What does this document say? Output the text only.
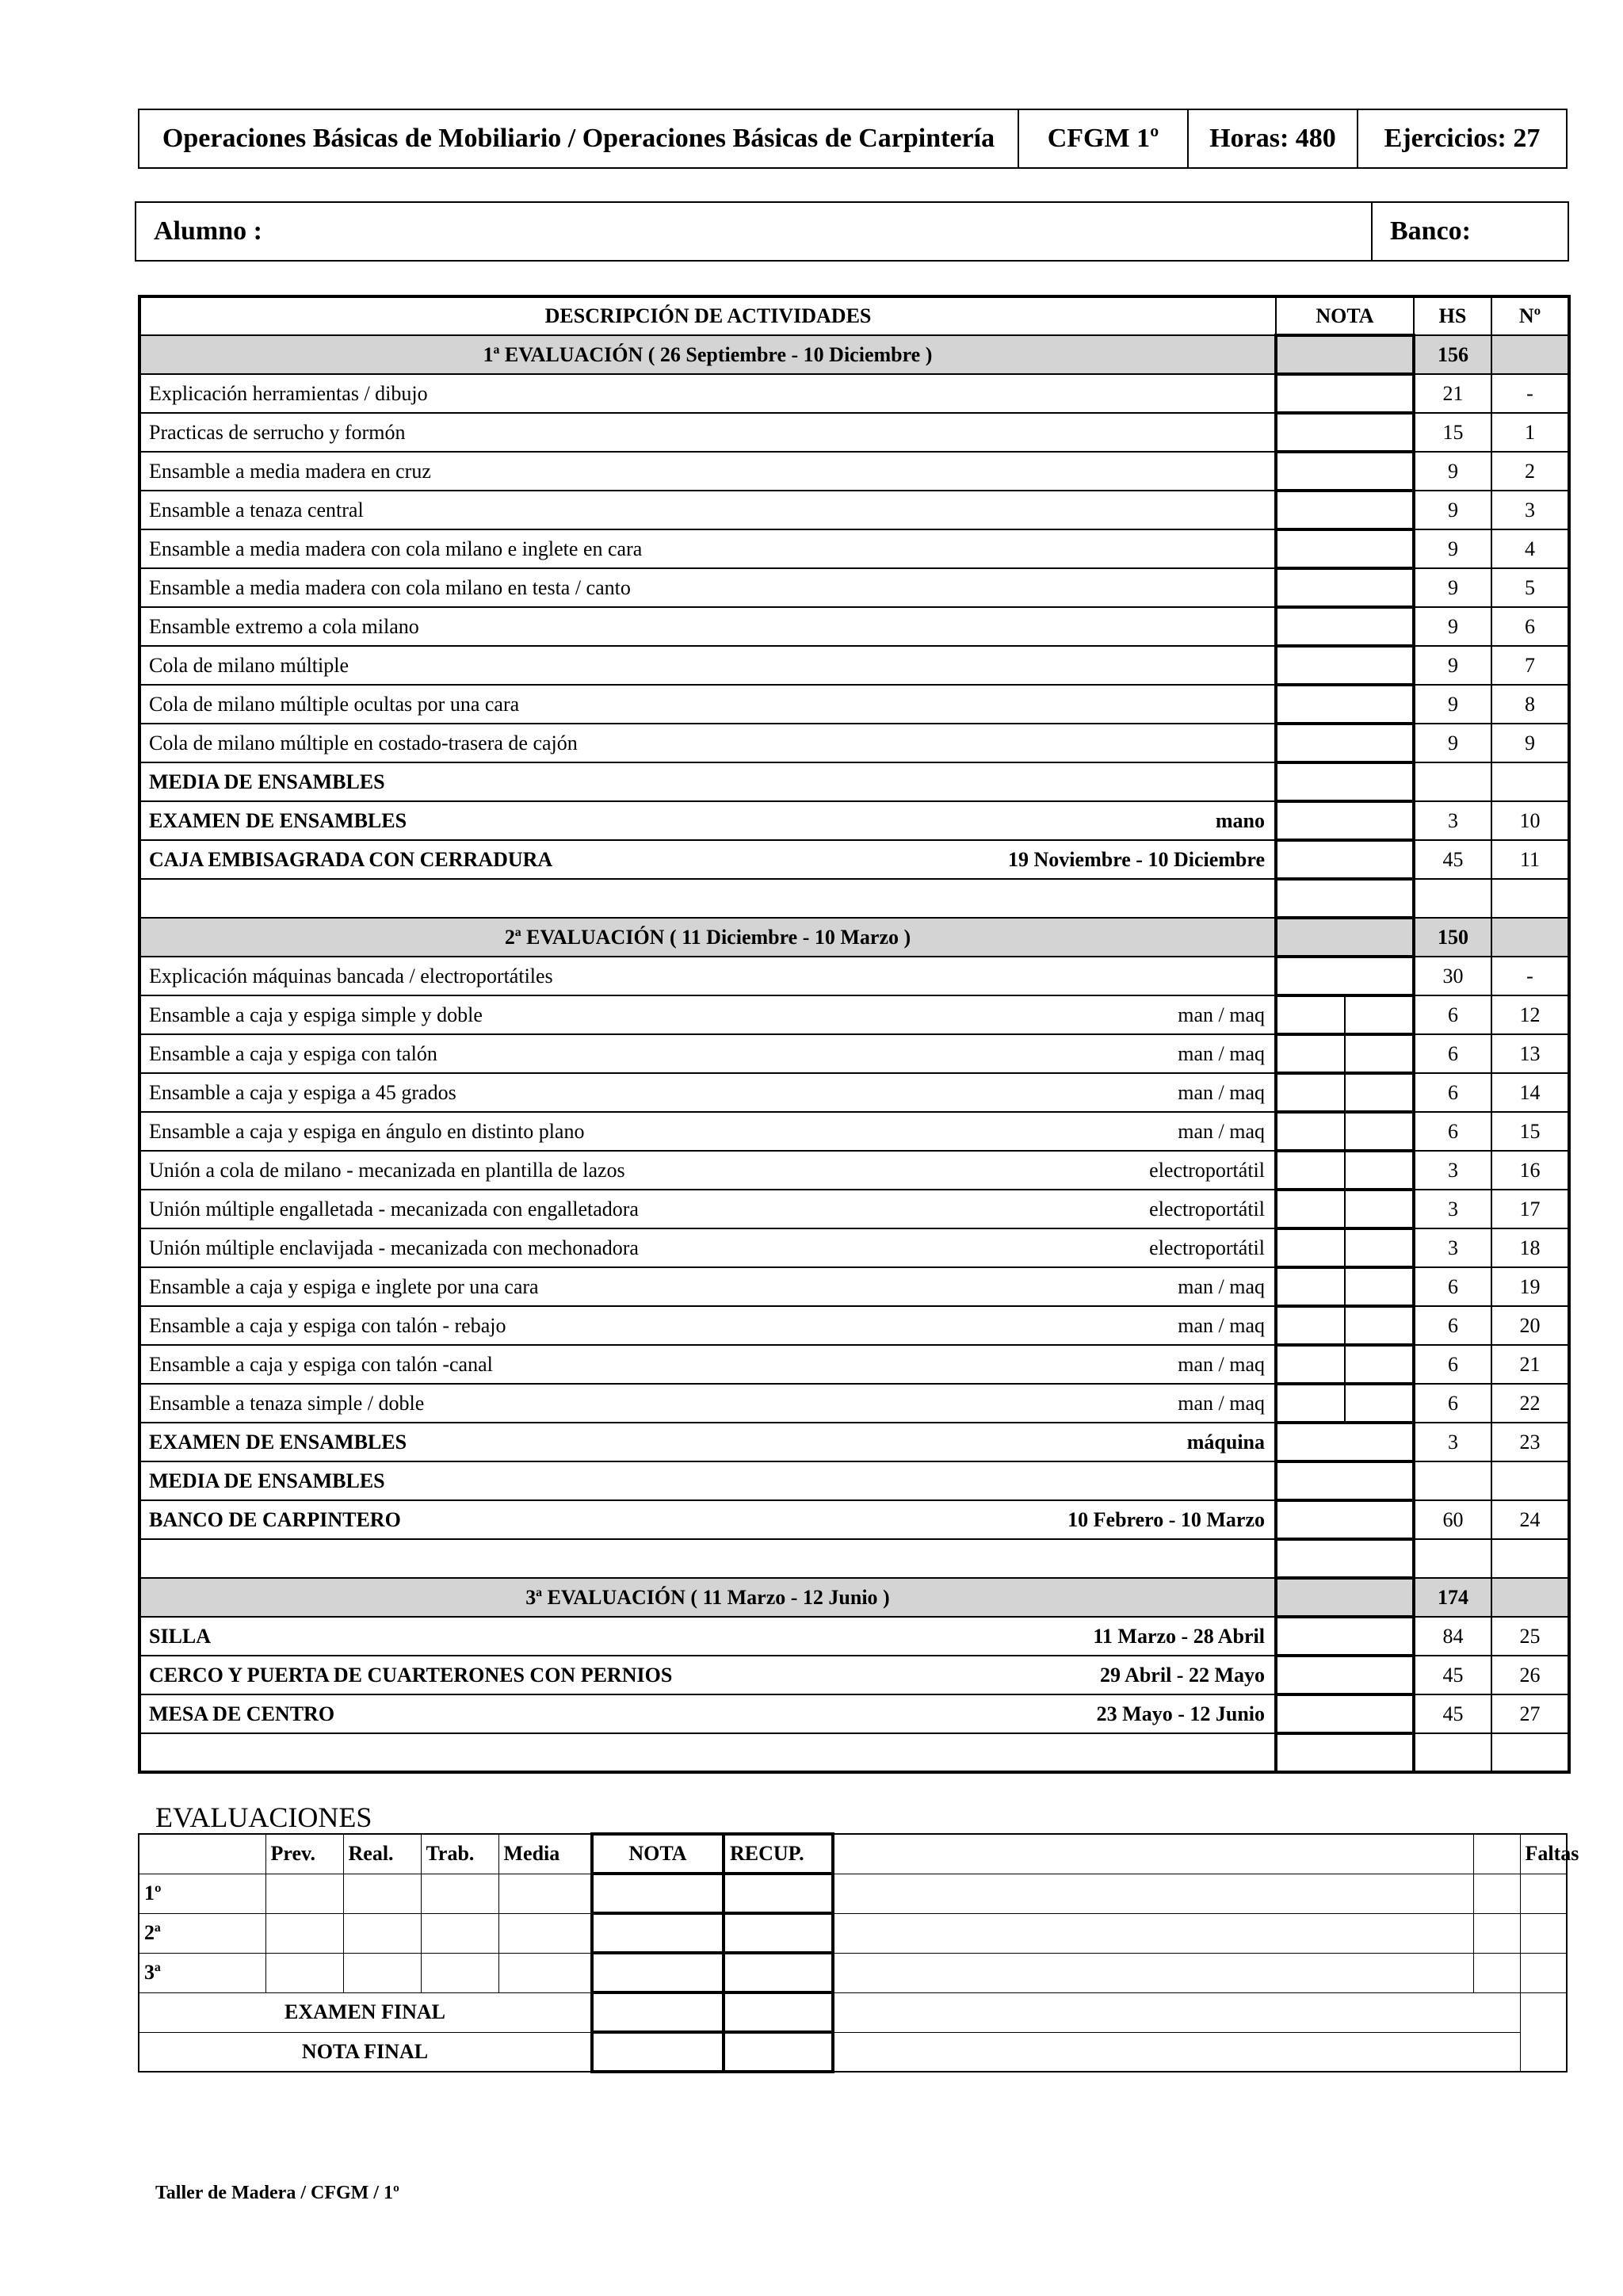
Operaciones Básicas de Mobiliario / Operaciones Básicas de Carpintería	CFGM 1º	Horas: 480	Ejercicios: 27
Alumno :	Banco:
DESCRIPCIÓN DE ACTIVIDADES	NOTA	HS	Nº
1ª EVALUACIÓN ( 26 Septiembre - 10 Diciembre )		156	

Explicación herramientas / dibujo		21	-

Practicas de serrucho y formón		15	1

Ensamble a media madera en cruz		9	2

Ensamble a tenaza central		9	3

Ensamble a media madera con cola milano e inglete en cara		9	4

Ensamble a media madera con cola milano en testa / canto		9	5

Ensamble extremo a cola milano		9	6

Cola de milano múltiple		9	7

Cola de milano múltiple ocultas por una cara		9	8

Cola de milano múltiple en costado-trasera de cajón		9	9

MEDIA DE ENSAMBLES			

EXAMEN DE ENSAMBLES mano		3	10

CAJA EMBISAGRADA CON CERRADURA 19 Noviembre - 10 Diciembre		45	11

2ª EVALUACIÓN ( 11 Diciembre - 10 Marzo )		150	

Explicación máquinas bancada / electroportátiles		30	-

Ensamble a caja y espiga simple y doble man / maq		6	12

Ensamble a caja y espiga con talón man / maq		6	13

Ensamble a caja y espiga a 45 grados man / maq		6	14

Ensamble a caja y espiga en ángulo en distinto plano man / maq		6	15

Unión a cola de milano - mecanizada en plantilla de lazos electroportátil		3	16

Unión múltiple engalletada - mecanizada con engalletadora electroportátil		3	17

Unión múltiple enclavijada - mecanizada con mechonadora electroportátil		3	18

Ensamble a caja y espiga e inglete por una cara man / maq		6	19

Ensamble a caja y espiga con talón - rebajo man / maq		6	20

Ensamble a caja y espiga con talón -canal man / maq		6	21

Ensamble a tenaza simple / doble man / maq		6	22

EXAMEN DE ENSAMBLES máquina		3	23

MEDIA DE ENSAMBLES			

BANCO DE CARPINTERO 10 Febrero - 10 Marzo		60	24

3ª EVALUACIÓN ( 11 Marzo - 12 Junio )		174	

SILLA 11 Marzo - 28 Abril		84	25

CERCO Y PUERTA DE CUARTERONES CON PERNIOS 29 Abril - 22 Mayo		45	26

MESA DE CENTRO 23 Mayo - 12 Junio		45	27

EVALUACIONES
	Prev.	Real.	Trab.	Media	NOTA	RECUP.			Faltas
1º									
2ª									
3ª									
EXAMEN FINAL									
NOTA FINAL									
Taller de Madera / CFGM / 1º
